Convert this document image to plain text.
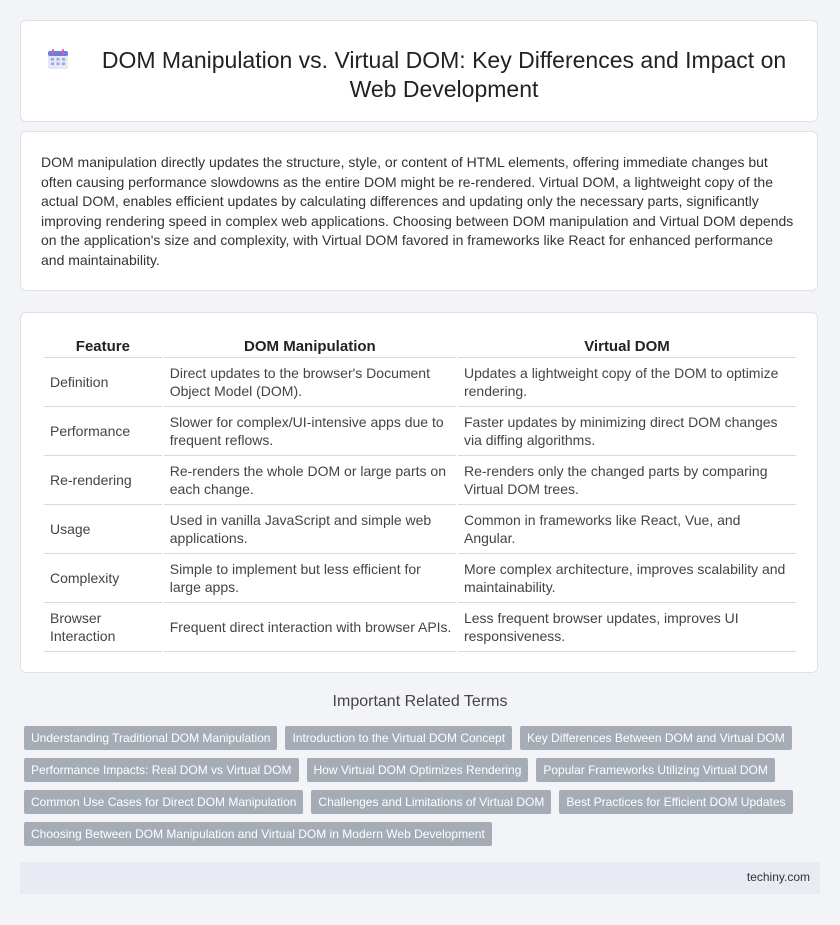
DOM Manipulation vs. Virtual DOM: Key Differences and Impact on Web Development

DOM manipulation directly updates the structure, style, or content of HTML elements, offering immediate changes but often causing performance slowdowns as the entire DOM might be re-rendered. Virtual DOM, a lightweight copy of the actual DOM, enables efficient updates by calculating differences and updating only the necessary parts, significantly improving rendering speed in complex web applications. Choosing between DOM manipulation and Virtual DOM depends on the application's size and complexity, with Virtual DOM favored in frameworks like React for enhanced performance and maintainability.

Feature	DOM Manipulation	Virtual DOM
Definition	Direct updates to the browser's Document Object Model (DOM).	Updates a lightweight copy of the DOM to optimize rendering.
Performance	Slower for complex/UI-intensive apps due to frequent reflows.	Faster updates by minimizing direct DOM changes via diffing algorithms.
Re-rendering	Re-renders the whole DOM or large parts on each change.	Re-renders only the changed parts by comparing Virtual DOM trees.
Usage	Used in vanilla JavaScript and simple web applications.	Common in frameworks like React, Vue, and Angular.
Complexity	Simple to implement but less efficient for large apps.	More complex architecture, improves scalability and maintainability.
Browser Interaction	Frequent direct interaction with browser APIs.	Less frequent browser updates, improves UI responsiveness.
Important Related Terms
Understanding Traditional DOM Manipulation	Introduction to the Virtual DOM Concept	Key Differences Between DOM and Virtual DOM
Performance Impacts: Real DOM vs Virtual DOM	How Virtual DOM Optimizes Rendering	Popular Frameworks Utilizing Virtual DOM
Common Use Cases for Direct DOM Manipulation	Challenges and Limitations of Virtual DOM	Best Practices for Efficient DOM Updates
Choosing Between DOM Manipulation and Virtual DOM in Modern Web Development
techiny.com
